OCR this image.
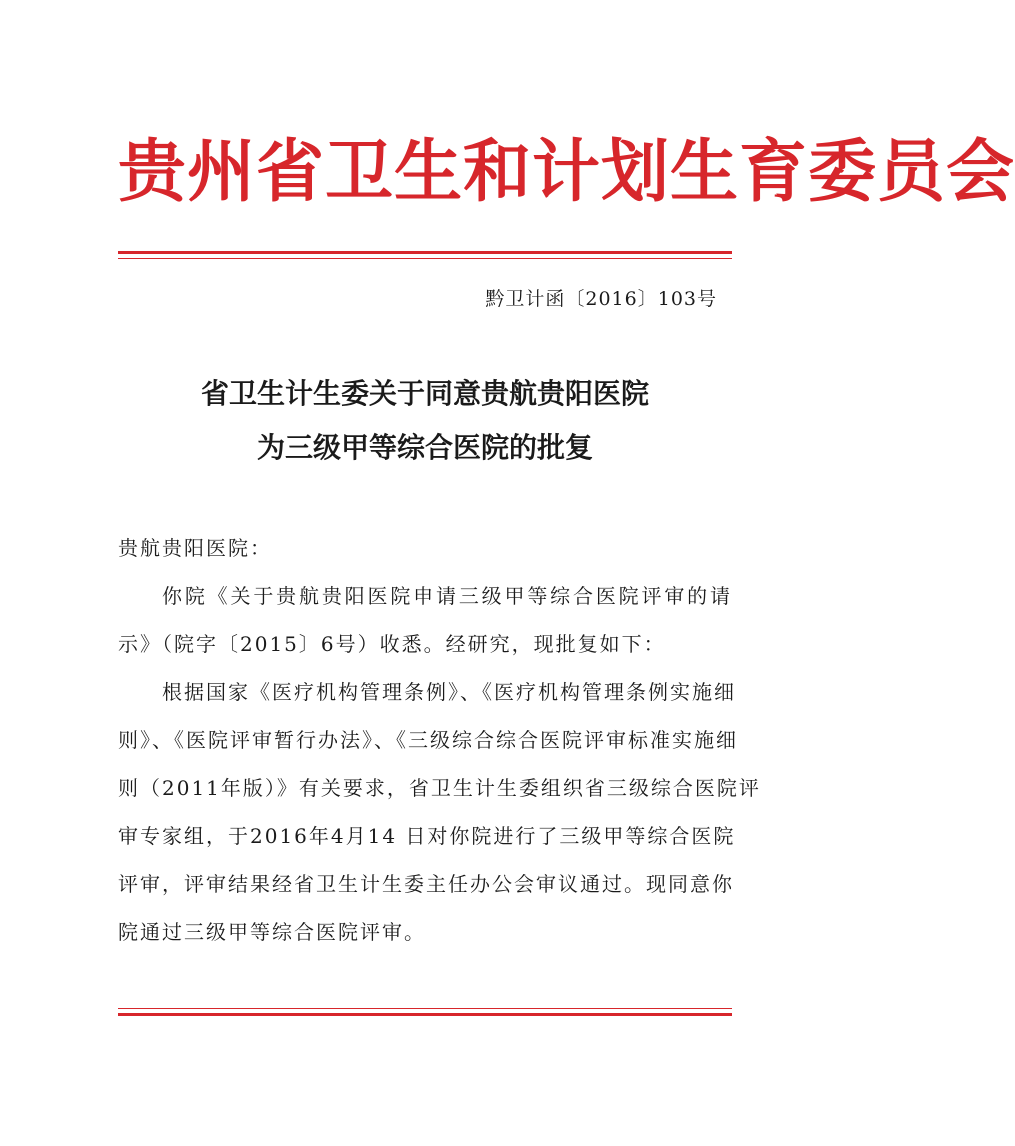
贵州省卫生和计划生育委员会
黔卫计函〔2016〕103号
省卫生计生委关于同意贵航贵阳医院
为三级甲等综合医院的批复
贵航贵阳医院：
你院《关于贵航贵阳医院申请三级甲等综合医院评审的请
示》（院字〔2015〕6号）收悉。经研究，现批复如下：
根据国家《医疗机构管理条例》、《医疗机构管理条例实施细
则》、《医院评审暂行办法》、《三级综合综合医院评审标准实施细
则（2011年版）》有关要求，省卫生计生委组织省三级综合医院评
审专家组，于2016年4月14 日对你院进行了三级甲等综合医院
评审，评审结果经省卫生计生委主任办公会审议通过。现同意你
院通过三级甲等综合医院评审。
